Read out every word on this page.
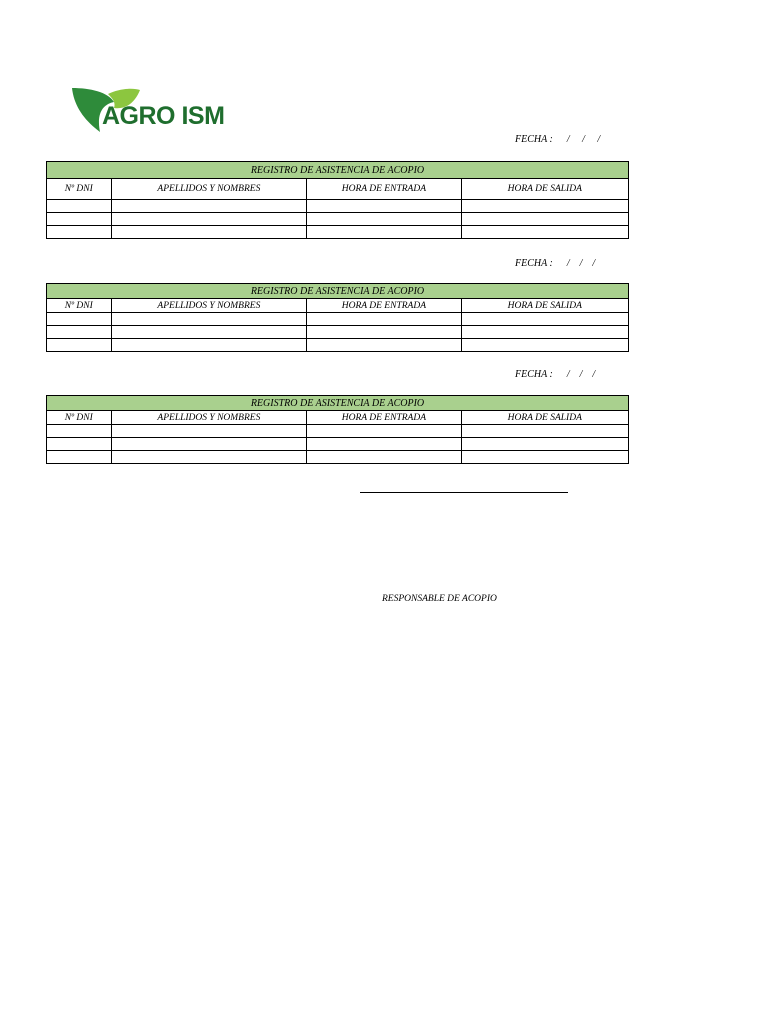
AGRO ISM
FECHA : /     /     /
REGISTRO DE ASISTENCIA DE ACOPIO			
Nº DNI	APELLIDOS Y NOMBRES	HORA DE ENTRADA	HORA DE SALIDA

FECHA : /    /    /
REGISTRO DE ASISTENCIA DE ACOPIO			
Nº DNI	APELLIDOS Y NOMBRES	HORA DE ENTRADA	HORA DE SALIDA

FECHA : /    /    /
REGISTRO DE ASISTENCIA DE ACOPIO			
Nº DNI	APELLIDOS Y NOMBRES	HORA DE ENTRADA	HORA DE SALIDA

RESPONSABLE DE ACOPIO
